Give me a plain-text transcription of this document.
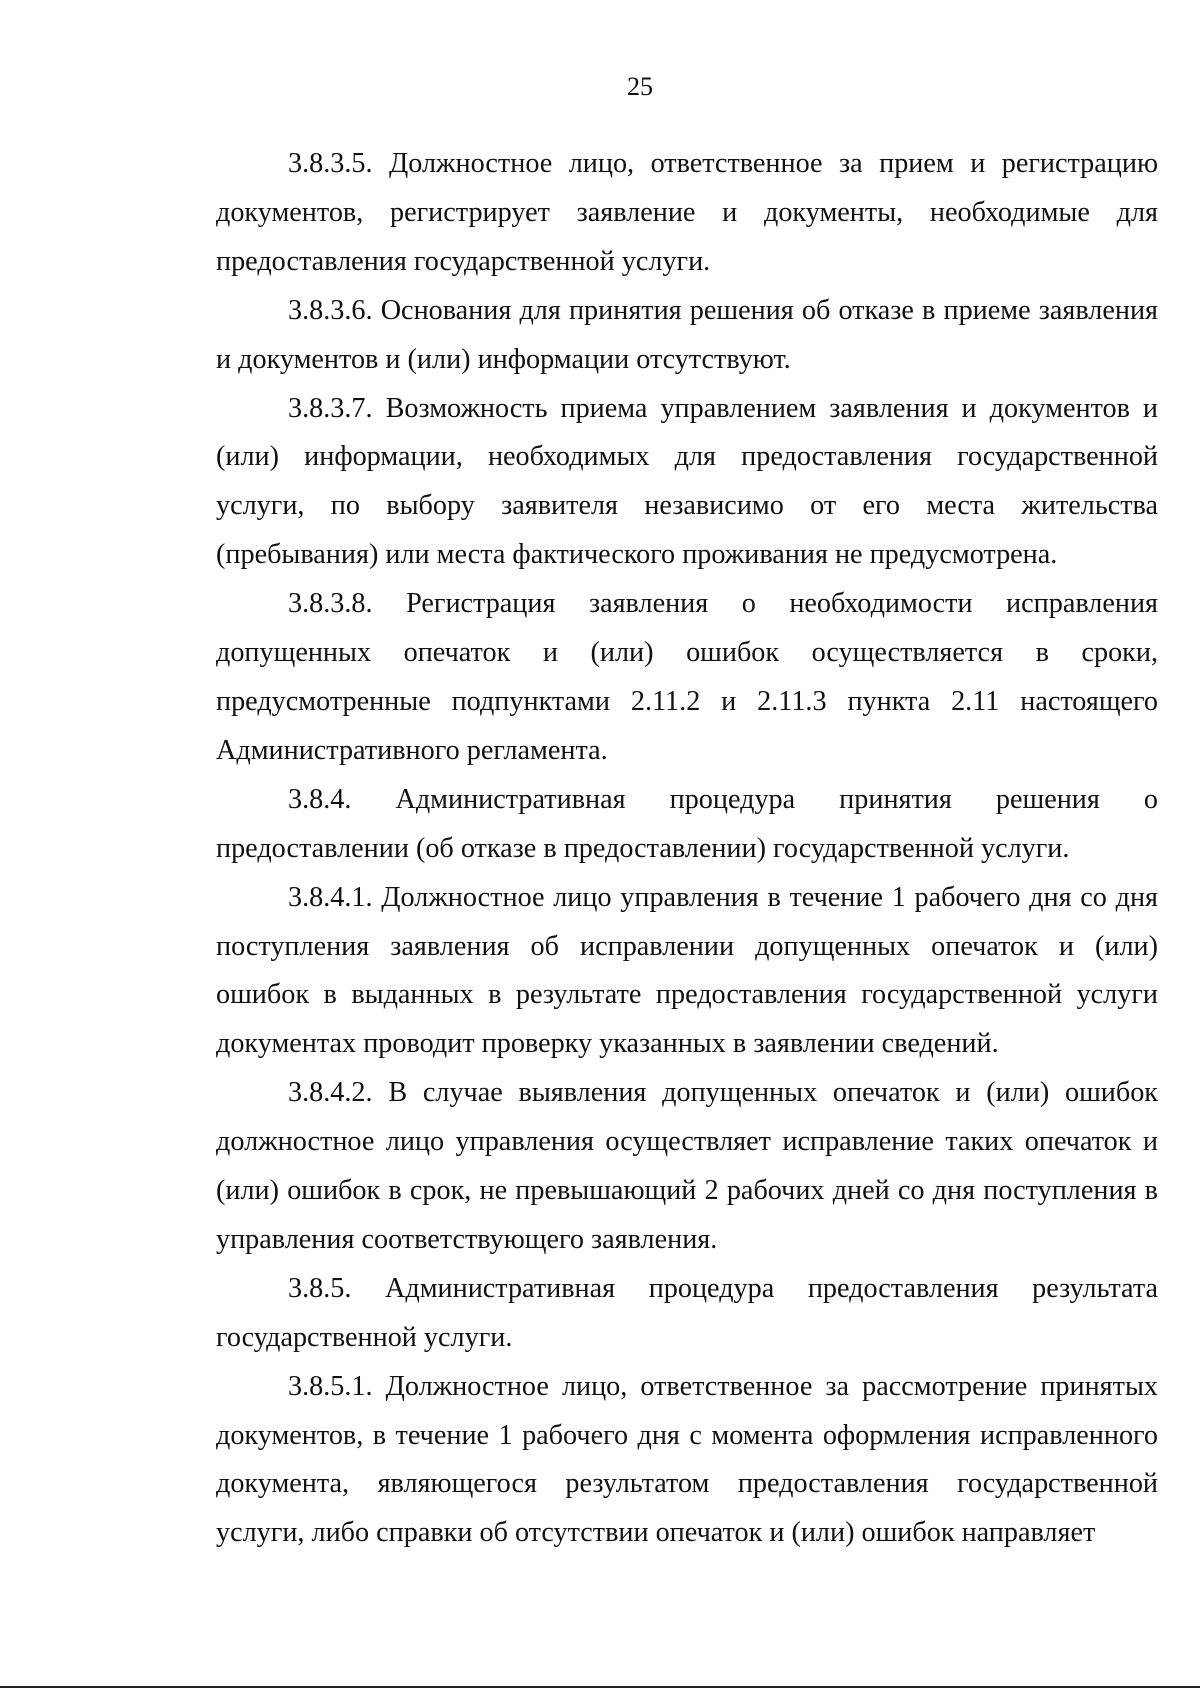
25

3.8.3.5. Должностное лицо, ответственное за прием и регистрацию документов, регистрирует заявление и документы, необходимые для предоставления государственной услуги.

3.8.3.6. Основания для принятия решения об отказе в приеме заявления и документов и (или) информации отсутствуют.

3.8.3.7. Возможность приема управлением заявления и документов и (или) информации, необходимых для предоставления государственной услуги, по выбору заявителя независимо от его места жительства (пребывания) или места фактического проживания не предусмотрена.

3.8.3.8. Регистрация заявления о необходимости исправления допущенных опечаток и (или) ошибок осуществляется в сроки, предусмотренные подпунктами 2.11.2 и 2.11.3 пункта 2.11 настоящего Административного регламента.

3.8.4. Административная процедура принятия решения о предоставлении (об отказе в предоставлении) государственной услуги.

3.8.4.1. Должностное лицо управления в течение 1 рабочего дня со дня поступления заявления об исправлении допущенных опечаток и (или) ошибок в выданных в результате предоставления государственной услуги документах проводит проверку указанных в заявлении сведений.

3.8.4.2. В случае выявления допущенных опечаток и (или) ошибок должностное лицо управления осуществляет исправление таких опечаток и (или) ошибок в срок, не превышающий 2 рабочих дней со дня поступления в управления соответствующего заявления.

3.8.5. Административная процедура предоставления результата государственной услуги.

3.8.5.1. Должностное лицо, ответственное за рассмотрение принятых документов, в течение 1 рабочего дня с момента оформления исправленного документа, являющегося результатом предоставления государственной услуги, либо справки об отсутствии опечаток и (или) ошибок направляет
